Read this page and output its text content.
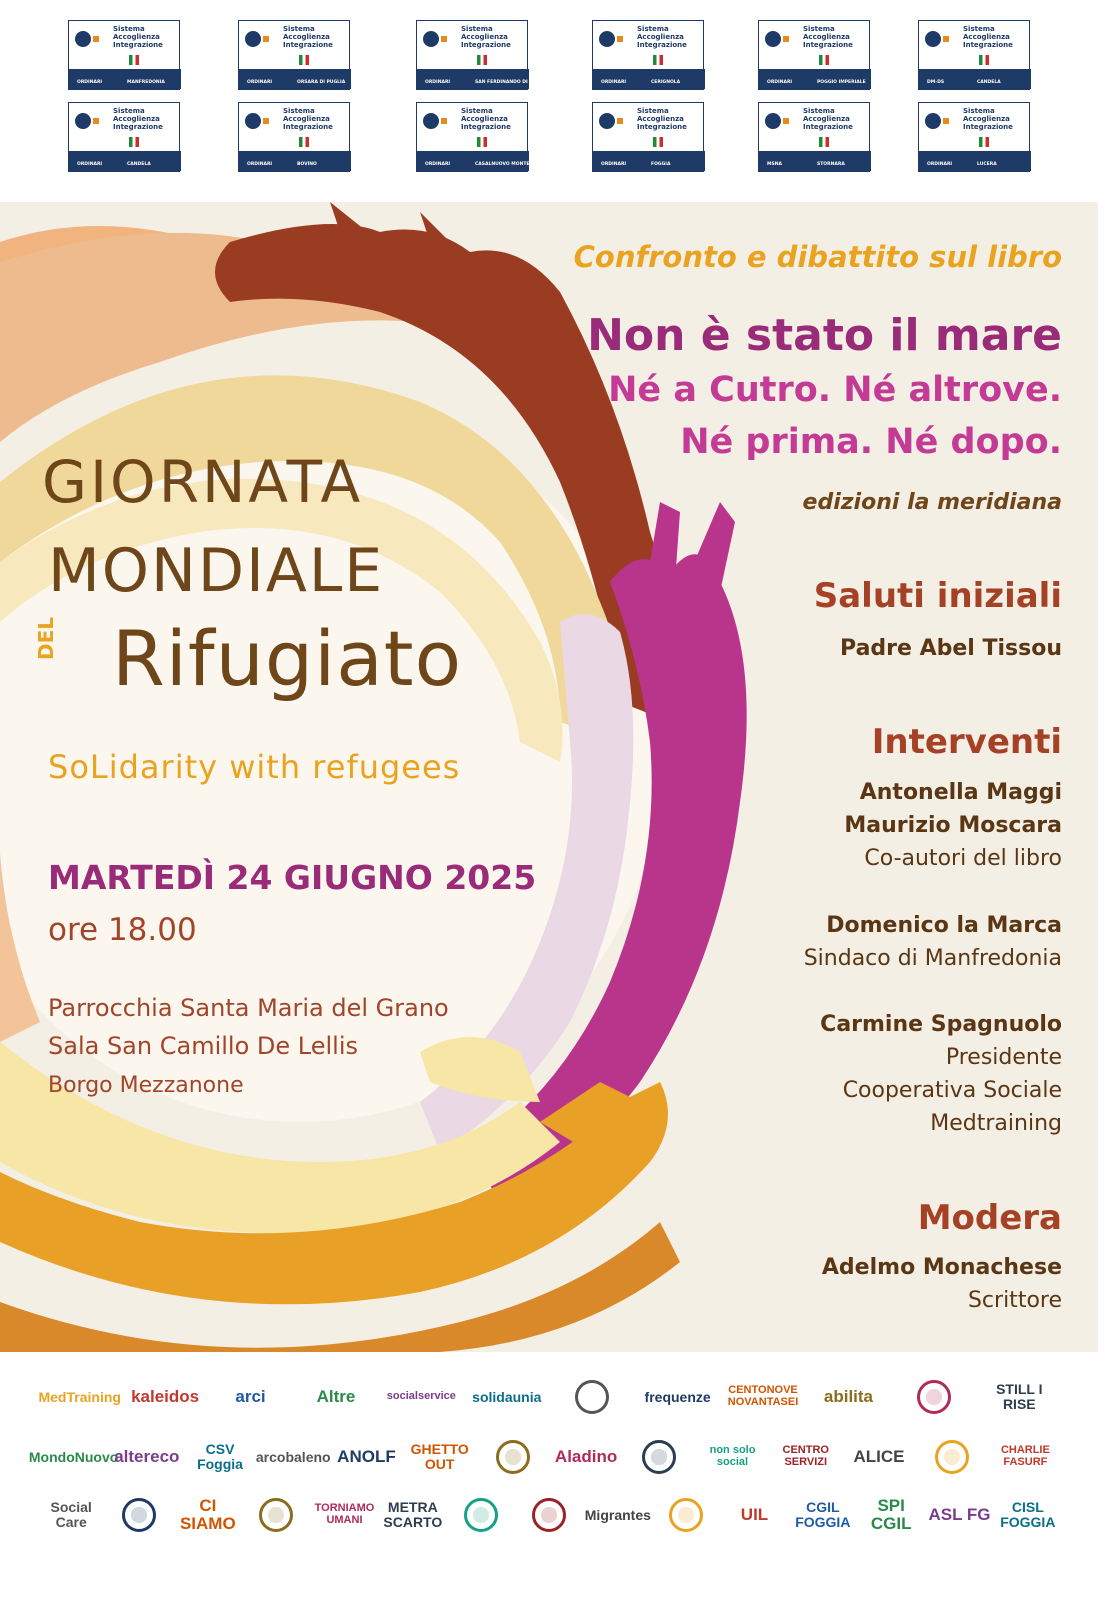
Sistema Accoglienza Integrazione
ORDINARI	MANFREDONIA
Sistema Accoglienza Integrazione
ORDINARI	ORSARA DI PUGLIA
Sistema Accoglienza Integrazione
ORDINARI	SAN FERDINANDO DI PUGLIA
Sistema Accoglienza Integrazione
ORDINARI	CERIGNOLA
Sistema Accoglienza Integrazione
ORDINARI	POGGIO IMPERIALE
Sistema Accoglienza Integrazione
DM-DS	CANDELA
Sistema Accoglienza Integrazione
ORDINARI	CANDELA
Sistema Accoglienza Integrazione
ORDINARI	BOVINO
Sistema Accoglienza Integrazione
ORDINARI	CASALNUOVO MONTEROTARO
Sistema Accoglienza Integrazione
ORDINARI	FOGGIA
Sistema Accoglienza Integrazione
MSNA	STORNARA
Sistema Accoglienza Integrazione
ORDINARI	LUCERA
Confronto e dibattito sul libro
Non è stato il mare
Né a Cutro. Né altrove.
Né prima. Né dopo.
edizioni la meridiana
Saluti iniziali
Padre Abel Tissou
Interventi
Antonella Maggi
Maurizio Moscara
Co-autori del libro
Domenico la Marca
Sindaco di Manfredonia
Carmine Spagnuolo
Presidente
Cooperativa Sociale
Medtraining
Modera
Adelmo Monachese
Scrittore
GIORNATA
MONDIALE
DEL Rifugiato
SoLidarity with refugees
MARTEDÌ 24 GIUGNO 2025
ore 18.00
Parrocchia Santa Maria del Grano
Sala San Camillo De Lellis
Borgo Mezzanone
MedTraining kaleidos arci	Altre	socialservice solidaunia	frequenze	CENTONOVE NOVANTASEI abilita	STILL I RISE
MondoNuovo
altereco	CSV Foggia arcobaleno ANOLF	GHETTO OUT	Aladino	non solo social
CENTRO SERVIZI	ALICE	CHARLIE FASURF
Social Care
CI SIAMO
TORNIAMO UMANI
METRA SCARTO	Migrantes	UIL	CGIL FOGGIA
SPI CGIL	ASL FG	CISL FOGGIA
